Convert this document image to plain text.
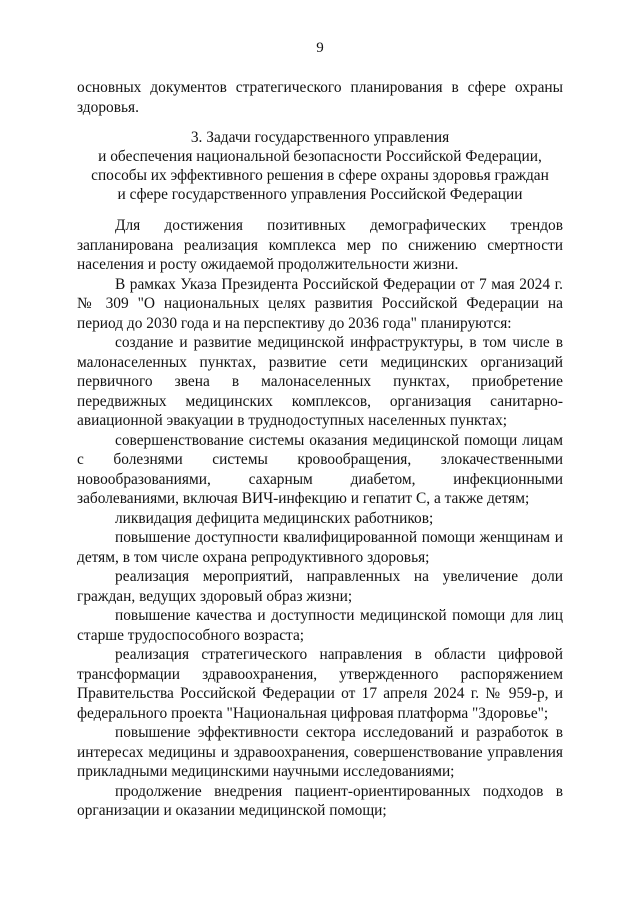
9

основных документов стратегического планирования в сфере охраны здоровья.

3. Задачи государственного управления
и обеспечения национальной безопасности Российской Федерации,
способы их эффективного решения в сфере охраны здоровья граждан
и сфере государственного управления Российской Федерации

Для достижения позитивных демографических трендов запланирована реализация комплекса мер по снижению смертности населения и росту ожидаемой продолжительности жизни.

В рамках Указа Президента Российской Федерации от 7 мая 2024 г. № 309 "О национальных целях развития Российской Федерации на период до 2030 года и на перспективу до 2036 года" планируются:

создание и развитие медицинской инфраструктуры, в том числе в малонаселенных пунктах, развитие сети медицинских организаций первичного звена в малонаселенных пунктах, приобретение передвижных медицинских комплексов, организация санитарно-авиационной эвакуации в труднодоступных населенных пунктах;

совершенствование системы оказания медицинской помощи лицам с болезнями системы кровообращения, злокачественными новообразованиями, сахарным диабетом, инфекционными заболеваниями, включая ВИЧ-инфекцию и гепатит С, а также детям;

ликвидация дефицита медицинских работников;

повышение доступности квалифицированной помощи женщинам и детям, в том числе охрана репродуктивного здоровья;

реализация мероприятий, направленных на увеличение доли граждан, ведущих здоровый образ жизни;

повышение качества и доступности медицинской помощи для лиц старше трудоспособного возраста;

реализация стратегического направления в области цифровой трансформации здравоохранения, утвержденного распоряжением Правительства Российской Федерации от 17 апреля 2024 г. № 959-р, и федерального проекта "Национальная цифровая платформа "Здоровье";

повышение эффективности сектора исследований и разработок в интересах медицины и здравоохранения, совершенствование управления прикладными медицинскими научными исследованиями;

продолжение внедрения пациент-ориентированных подходов в организации и оказании медицинской помощи;
